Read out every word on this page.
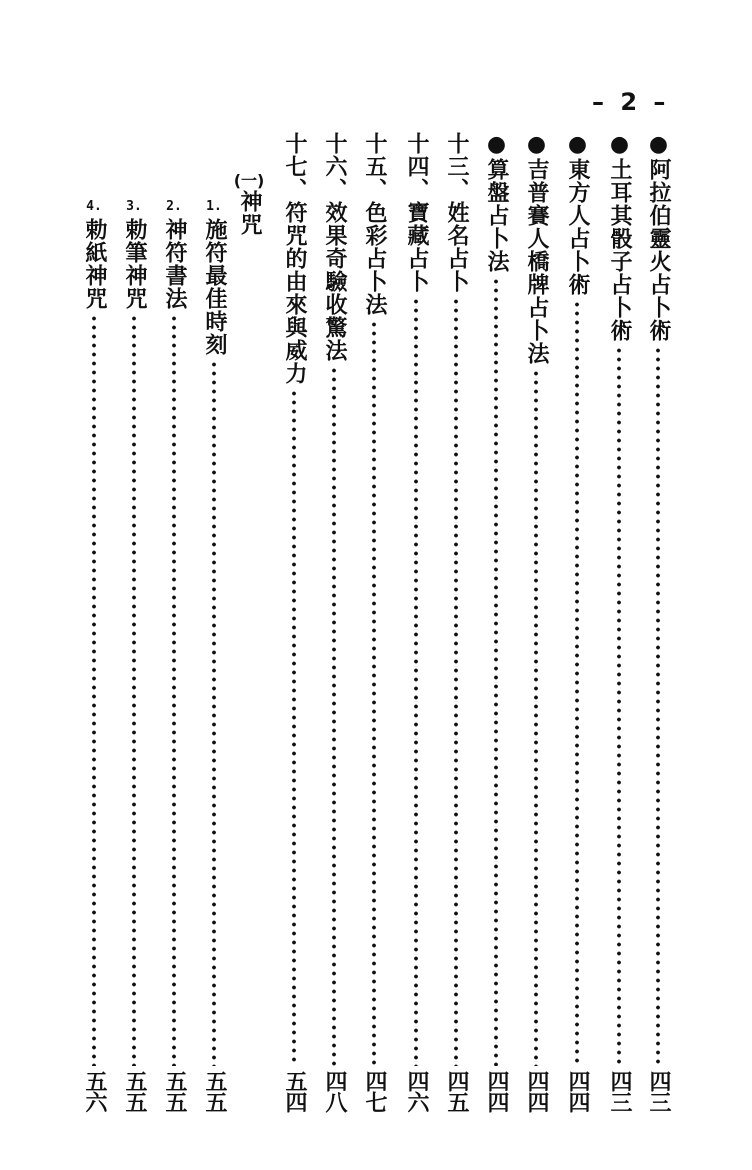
– 2 –
●阿拉伯靈火占卜術
四三
●土耳其骰子占卜術
四三
●東方人占卜術
四四
●吉普賽人橋牌占卜法
四四
●算盤占卜法
四四
十三、姓名占卜
四五
十四、寶藏占卜
四六
十五、色彩占卜法
四七
十六、效果奇驗收驚法
四八
十七、符咒的由來與威力
五四
(一)
神咒
1.
施符最佳時刻
五五
2.
神符書法
五五
3.
勅筆神咒
五五
4.
勅紙神咒
五六
